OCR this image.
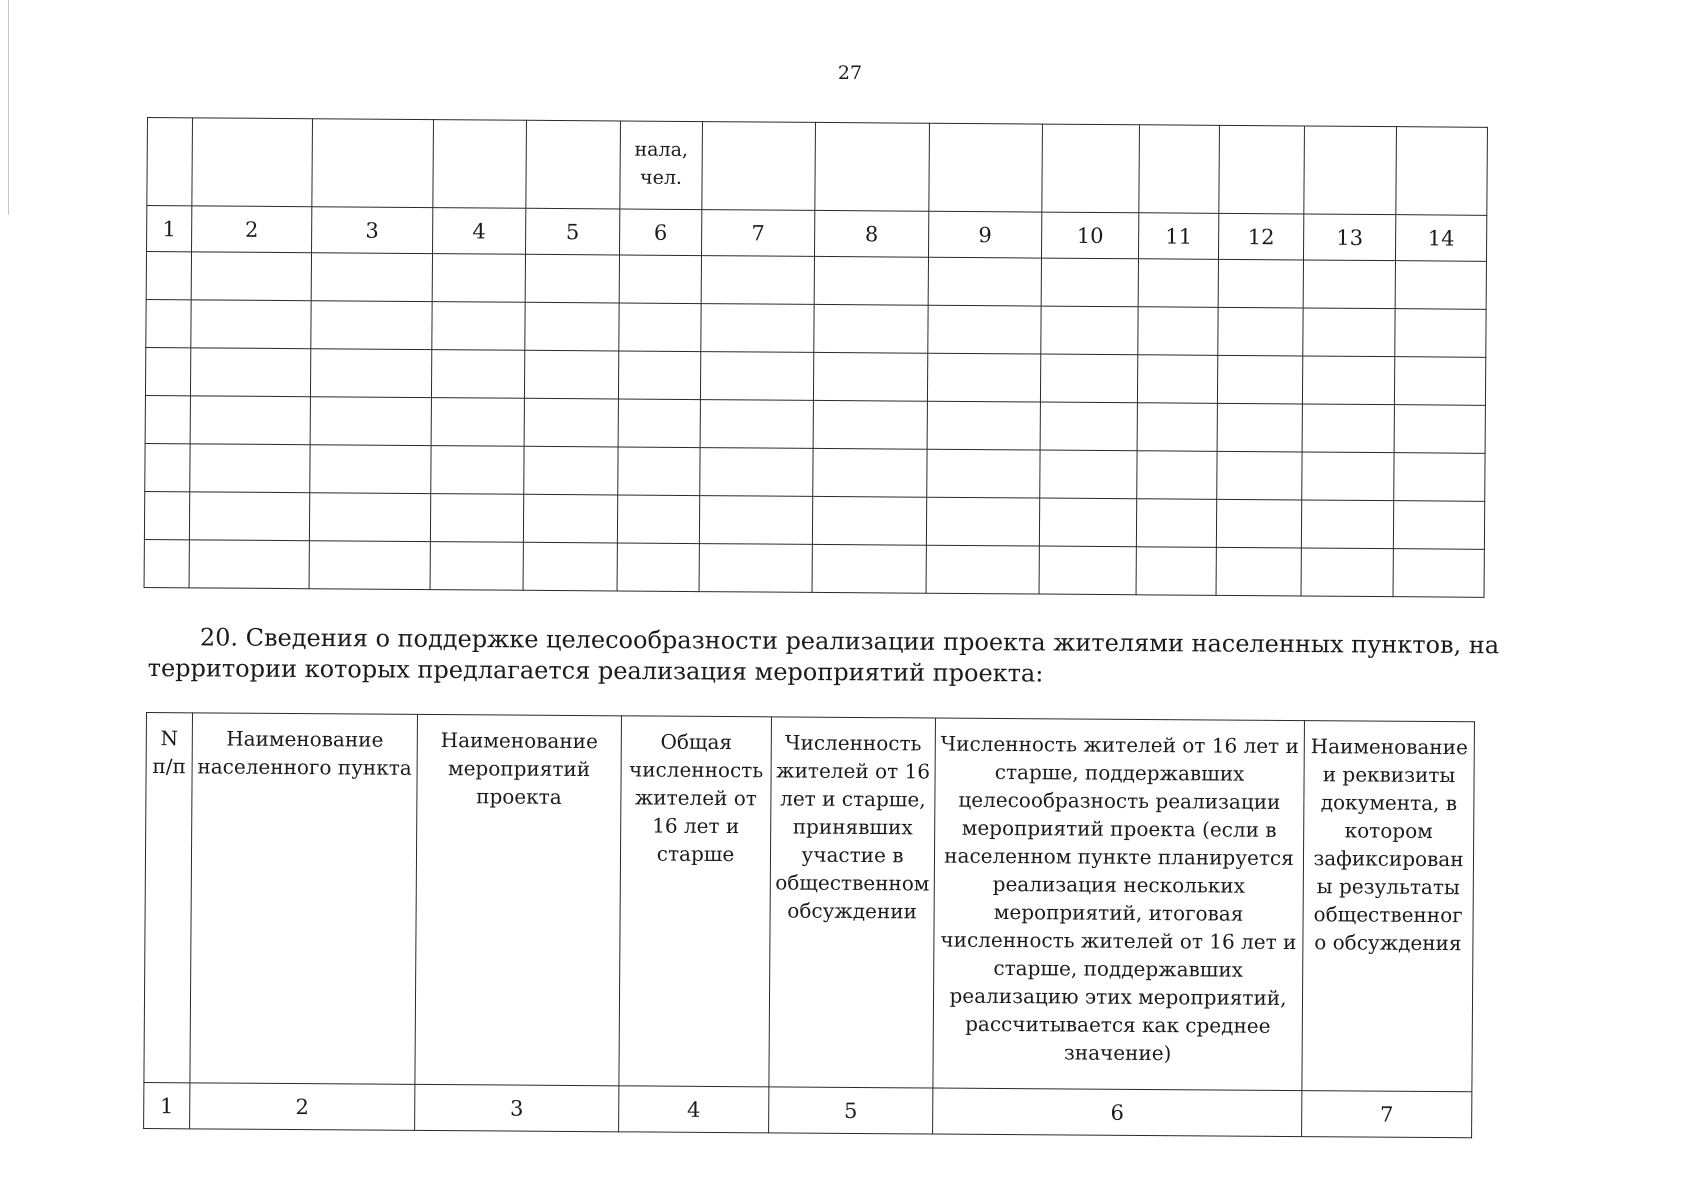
27
					нала, чел.								
1	2	3	4	5	6	7	8	9	10	11	12	13	14

20. Сведения о поддержке целесообразности реализации проекта жителями населенных пунктов, на территории которых предлагается реализация мероприятий проекта:
N п/п	Наименование населенного пункта	Наименование мероприятий проекта	Общая численность жителей от 16 лет и старше	Численность жителей от 16 лет и старше, принявших участие в общественном обсуждении	Численность жителей от 16 лет и старше, поддержавших целесообразность реализации мероприятий проекта (если в населенном пункте планируется реализация нескольких мероприятий, итоговая численность жителей от 16 лет и старше, поддержавших реализацию этих мероприятий, рассчитывается как среднее значение)	Наименование и реквизиты документа, в котором зафиксирован ы результаты общественног о обсуждения

1	2	3	4	5	6	7
